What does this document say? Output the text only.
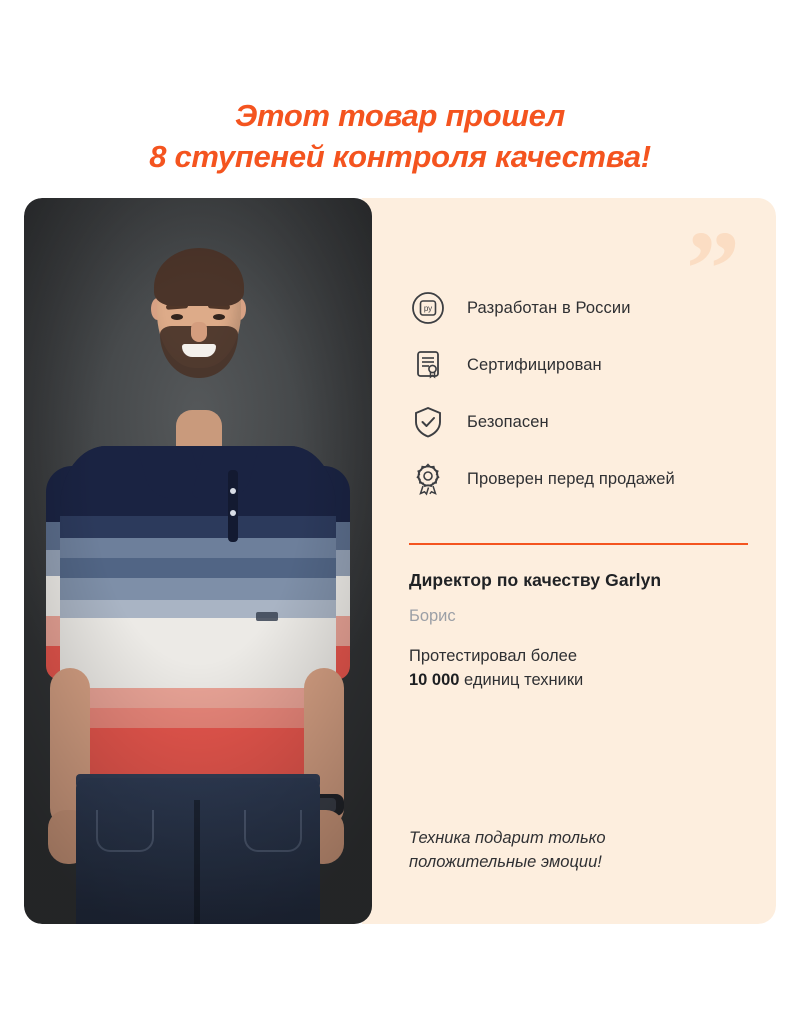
Этот товар прошел
8 ступеней контроля качества!
”
ру Разработан в России
Сертифицирован
Безопасен
Проверен перед продажей
Директор по качеству Garlyn
Борис
Протестировал более
10 000 единиц техники
Техника подарит только
положительные эмоции!
